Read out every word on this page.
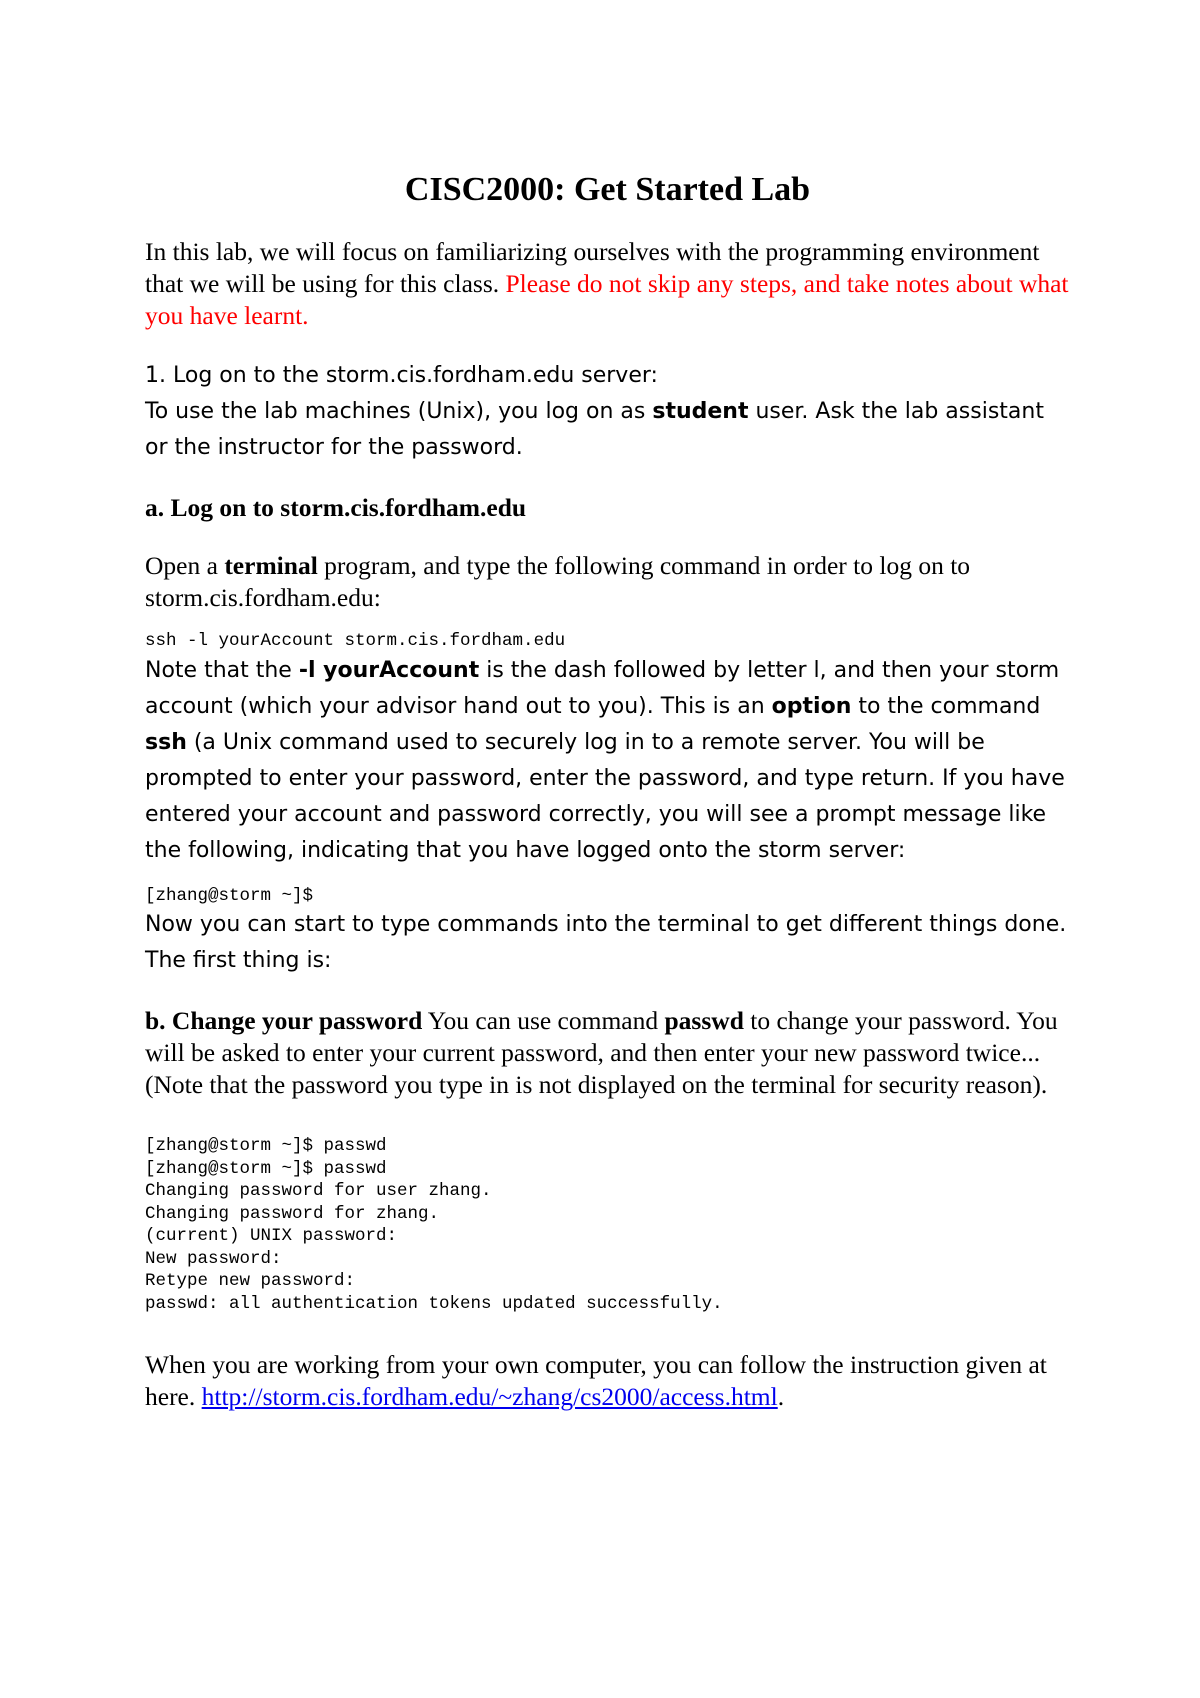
CISC2000: Get Started Lab

In this lab, we will focus on familiarizing ourselves with the programming environment that we will be using for this class. Please do not skip any steps, and take notes about what you have learnt.

1. Log on to the storm.cis.fordham.edu server:

To use the lab machines (Unix), you log on as student user. Ask the lab assistant or the instructor for the password.

a. Log on to storm.cis.fordham.edu

Open a terminal program, and type the following command in order to log on to storm.cis.fordham.edu:

ssh -l yourAccount storm.cis.fordham.edu

Note that the -l yourAccount is the dash followed by letter l, and then your storm account (which your advisor hand out to you). This is an option to the command ssh (a Unix command used to securely log in to a remote server. You will be prompted to enter your password, enter the password, and type return. If you have entered your account and password correctly, you will see a prompt message like the following, indicating that you have logged onto the storm server:

[zhang@storm ~]$

Now you can start to type commands into the terminal to get different things done. The first thing is:

b. Change your password You can use command passwd to change your password. You will be asked to enter your current password, and then enter your new password twice... (Note that the password you type in is not displayed on the terminal for security reason).

[zhang@storm ~]$ passwd

[zhang@storm ~]$ passwd

Changing password for user zhang.

Changing password for zhang.

(current) UNIX password:

New password:

Retype new password:

passwd: all authentication tokens updated successfully.

When you are working from your own computer, you can follow the instruction given at here. http://storm.cis.fordham.edu/~zhang/cs2000/access.html.
